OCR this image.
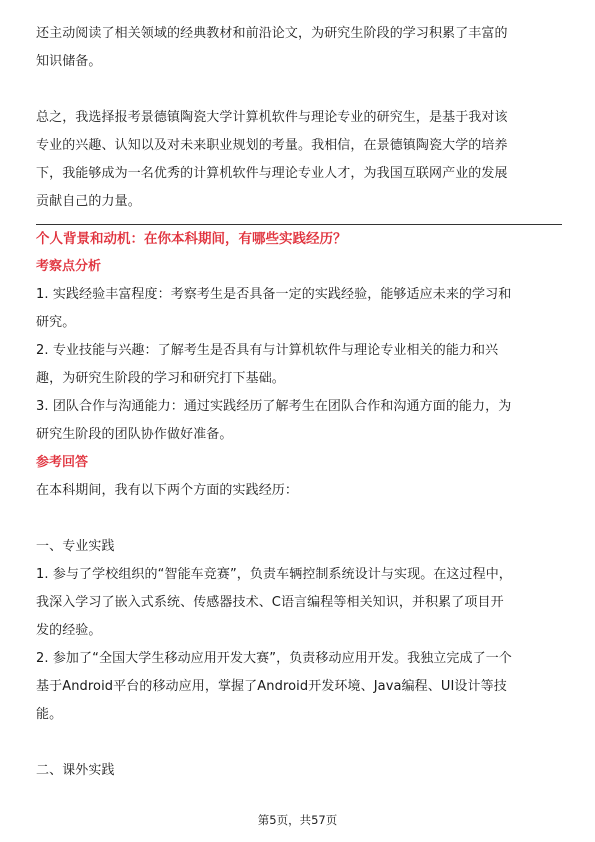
还主动阅读了相关领域的经典教材和前沿论文，为研究生阶段的学习积累了丰富的

知识储备。

总之，我选择报考景德镇陶瓷大学计算机软件与理论专业的研究生，是基于我对该

专业的兴趣、认知以及对未来职业规划的考量。我相信，在景德镇陶瓷大学的培养

下，我能够成为一名优秀的计算机软件与理论专业人才，为我国互联网产业的发展

贡献自己的力量。

个人背景和动机：在你本科期间，有哪些实践经历？

考察点分析

1. 实践经验丰富程度：考察考生是否具备一定的实践经验，能够适应未来的学习和

研究。

2. 专业技能与兴趣：了解考生是否具有与计算机软件与理论专业相关的能力和兴

趣，为研究生阶段的学习和研究打下基础。

3. 团队合作与沟通能力：通过实践经历了解考生在团队合作和沟通方面的能力，为

研究生阶段的团队协作做好准备。

参考回答

在本科期间，我有以下两个方面的实践经历：

一、专业实践

1. 参与了学校组织的“智能车竞赛”，负责车辆控制系统设计与实现。在这过程中，

我深入学习了嵌入式系统、传感器技术、C语言编程等相关知识，并积累了项目开

发的经验。

2. 参加了“全国大学生移动应用开发大赛”，负责移动应用开发。我独立完成了一个

基于Android平台的移动应用，掌握了Android开发环境、Java编程、UI设计等技

能。

二、课外实践

第5页，共57页
